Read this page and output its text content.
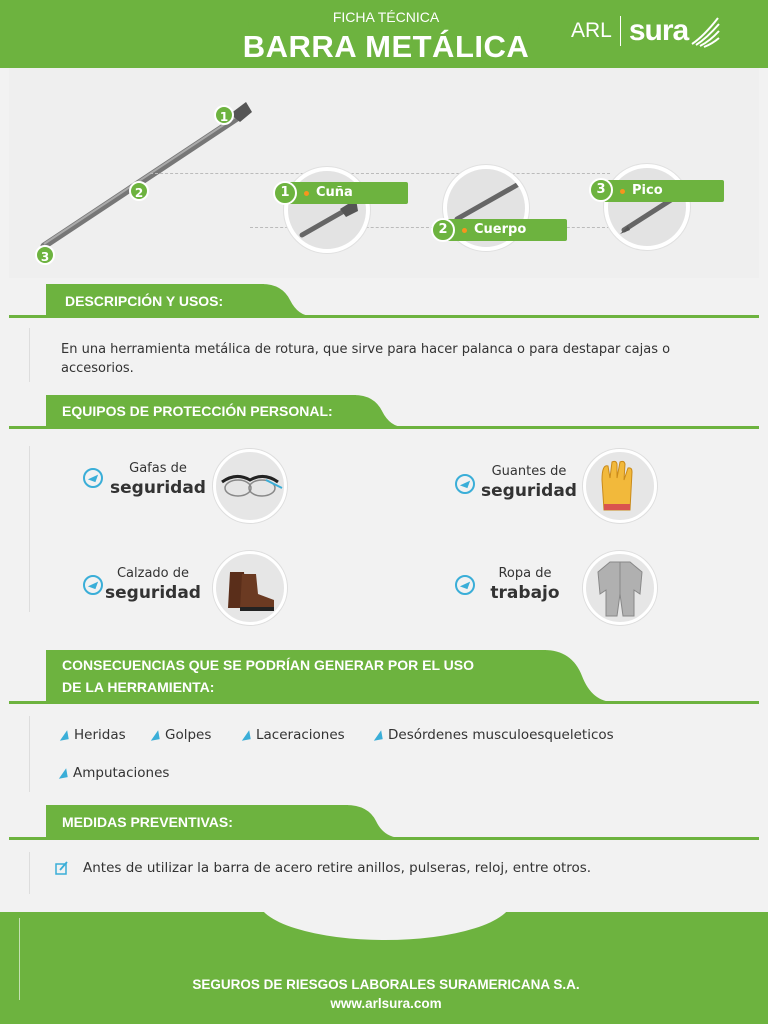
FICHA TÉCNICA
BARRA METÁLICA	ARL sura
1
2
3
Cuña
1
Cuerpo
2
Pico
3
DESCRIPCIÓN Y USOS:
En una herramienta metálica de rotura, que sirve para hacer palanca o para destapar cajas o accesorios.
EQUIPOS DE PROTECCIÓN PERSONAL:
Gafas de
seguridad
Guantes de
seguridad
Calzado de
seguridad
Ropa de
trabajo
CONSECUENCIAS QUE SE PODRÍAN GENERAR POR EL USO
DE LA HERRAMIENTA:
Heridas	Golpes	Laceraciones	Desórdenes musculoesqueleticos
Amputaciones
MEDIDAS PREVENTIVAS:
Antes de utilizar la barra de acero retire anillos, pulseras, reloj, entre otros.
SEGUROS DE RIESGOS LABORALES SURAMERICANA S.A.
www.arlsura.com
